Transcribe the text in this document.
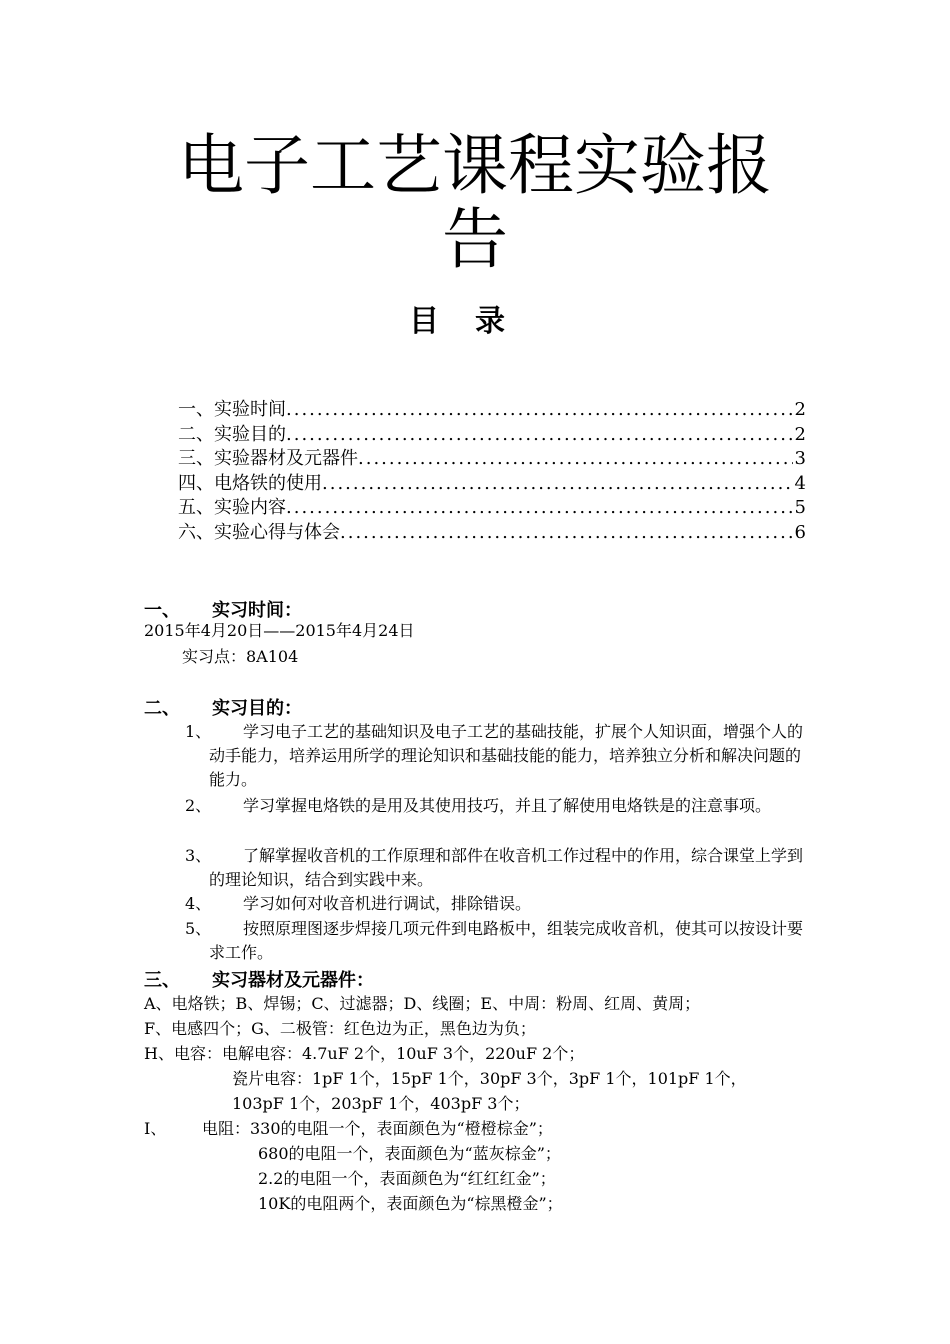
电子工艺课程实验报
告
目录
一、实验时间 .....	2
二、实验目的 .....	2
三、实验器材及元器件 .....	3
四、电烙铁的使用 .....	4
五、实验内容 .....	5
六、实验心得与体会 .....	6
一、 实习时间：
2015年4月20日——2015年4月24日
实习点：8A104
二、 实习目的：
1、	学习电子工艺的基础知识及电子工艺的基础技能，扩展个人知识面，增强个人的动手能力，培养运用所学的理论知识和基础技能的能力，培养独立分析和解决问题的能力。
2、	学习掌握电烙铁的是用及其使用技巧，并且了解使用电烙铁是的注意事项。
3、	了解掌握收音机的工作原理和部件在收音机工作过程中的作用，综合课堂上学到的理论知识，结合到实践中来。
4、	学习如何对收音机进行调试，排除错误。
5、	按照原理图逐步焊接几项元件到电路板中，组装完成收音机，使其可以按设计要求工作。
三、 实习器材及元器件：
A、电烙铁；B、焊锡；C、过滤器；D、线圈；E、中周：粉周、红周、黄周；
F、电感四个；G、二极管：红色边为正，黑色边为负；
H、电容：电解电容：4.7uF 2个，10uF 3个，220uF 2个；
瓷片电容：1pF 1个，15pF 1个，30pF 3个，3pF 1个，101pF 1个，
103pF 1个，203pF 1个，403pF 3个；
I、 电阻：330的电阻一个，表面颜色为“橙橙棕金”；
680的电阻一个，表面颜色为“蓝灰棕金”；
2.2的电阻一个，表面颜色为“红红红金”；
10K的电阻两个，表面颜色为“棕黑橙金”；
